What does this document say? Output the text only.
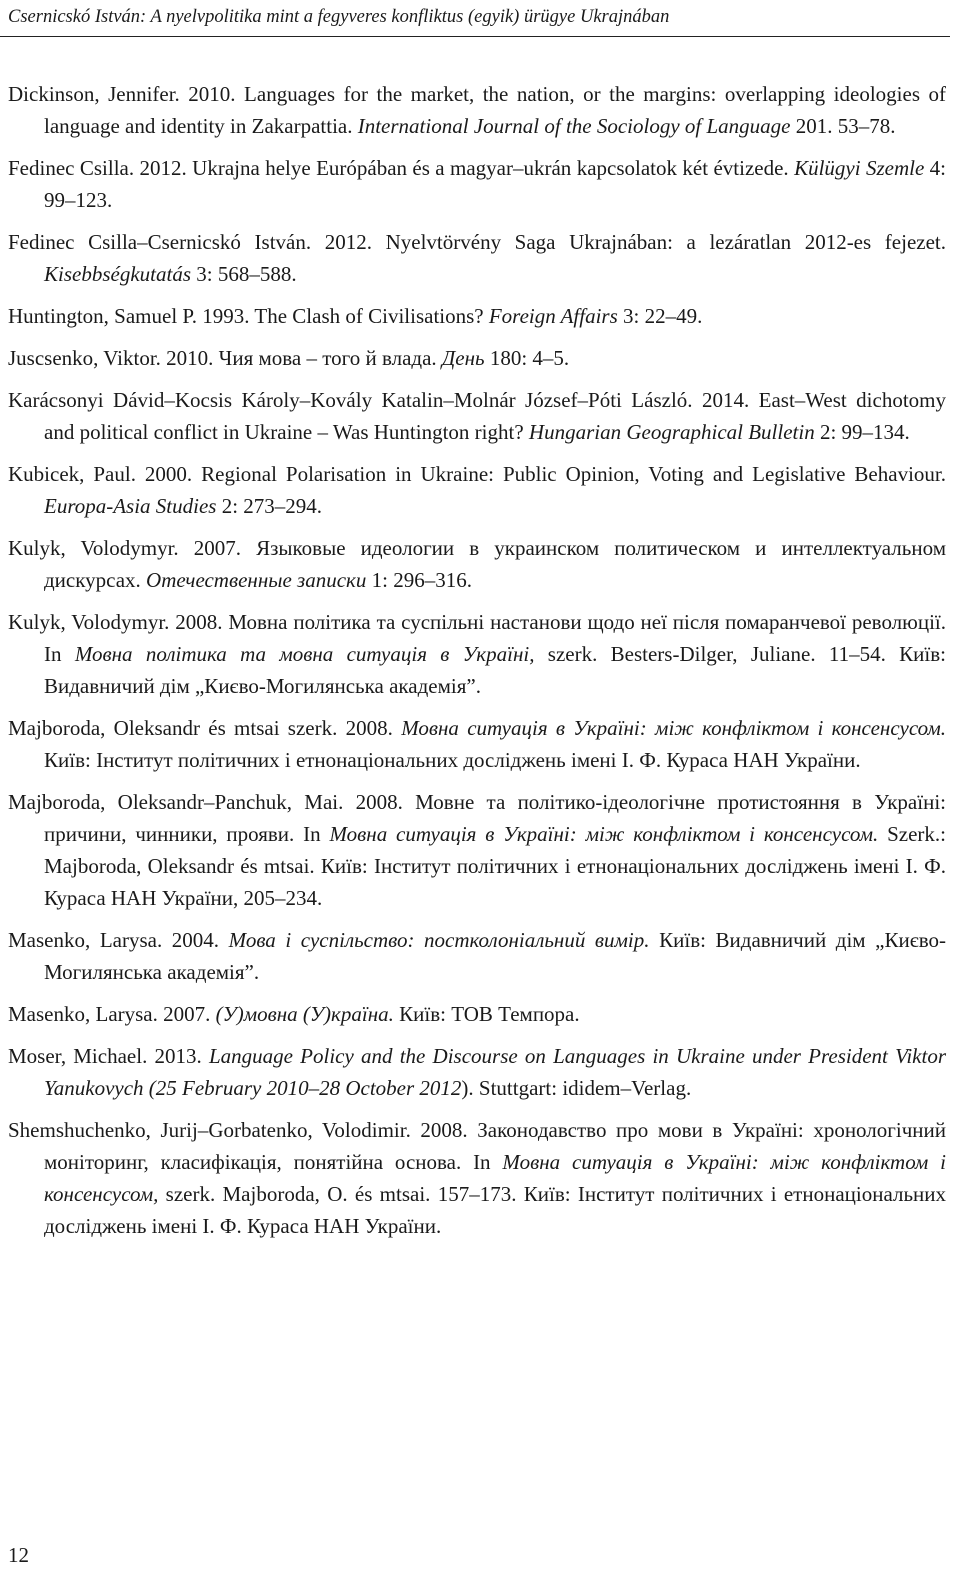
Csernicskó István: A nyelvpolitika mint a fegyveres konfliktus (egyik) ürügye Ukrajnában

Dickinson, Jennifer. 2010. Languages for the market, the nation, or the margins: overlapping ideologies of language and identity in Zakarpattia. International Journal of the Sociology of Language 201. 53–78.

Fedinec Csilla. 2012. Ukrajna helye Európában és a magyar–ukrán kapcsolatok két évtizede. Külügyi Szemle 4: 99–123.

Fedinec Csilla–Csernicskó István. 2012. Nyelvtörvény Saga Ukrajnában: a lezáratlan 2012-es fejezet. Kisebbségkutatás 3: 568–588.

Huntington, Samuel P. 1993. The Clash of Civilisations? Foreign Affairs 3: 22–49.

Juscsenko, Viktor. 2010. Чия мова – того й влада. День 180: 4–5.

Karácsonyi Dávid–Kocsis Károly–Kovály Katalin–Molnár József–Póti László. 2014. East–West dichotomy and political conflict in Ukraine – Was Huntington right? Hungarian Geographical Bulletin 2: 99–134.

Kubicek, Paul. 2000. Regional Polarisation in Ukraine: Public Opinion, Voting and Legislative Behaviour. Europa-Asia Studies 2: 273–294.

Kulyk, Volodymyr. 2007. Языковые идеологии в украинском политическом и интеллектуальном дискурсах. Отечественные записки 1: 296–316.

Kulyk, Volodymyr. 2008. Мовна політика та суспільні настанови щодо неї після помаранчевої революції. In Мовна політика та мовна ситуація в Україні, szerk. Besters-Dilger, Juliane. 11–54. Київ: Видавничий дім „Києво-Могилянська академія”.

Majboroda, Oleksandr és mtsai szerk. 2008. Мовна ситуація в Україні: між конфліктом і консенсусом. Київ: Інститут політичних і етнонаціональних досліджень імені І. Ф. Кураса НАН України.

Majboroda, Oleksandr–Panchuk, Mai. 2008. Мовне та політико-ідеологічне протистояння в Україні: причини, чинники, прояви. In Мовна ситуація в Україні: між конфліктом і консенсусом. Szerk.: Majboroda, Oleksandr és mtsai. Київ: Інститут політичних і етнонаціональних досліджень імені І. Ф. Кураса НАН України, 205–234.

Masenko, Larysa. 2004. Мова і суспільство: постколоніальний вимір. Київ: Видавничий дім „Києво-Могилянська академія”.

Masenko, Larysa. 2007. (У)мовна (У)країна. Київ: ТОВ Темпора.

Moser, Michael. 2013. Language Policy and the Discourse on Languages in Ukraine under President Viktor Yanukovych (25 February 2010–28 October 2012). Stuttgart: ididem–Verlag.

Shemshuchenko, Jurij–Gorbatenko, Volodimir. 2008. Законодавство про мови в Україні: хронологічний моніторинг, класифікація, понятійна основа. In Мовна ситуація в Україні: між конфліктом і консенсусом, szerk. Majboroda, O. és mtsai. 157–173. Київ: Інститут політичних і етнонаціональних досліджень імені І. Ф. Кураса НАН України.

12
